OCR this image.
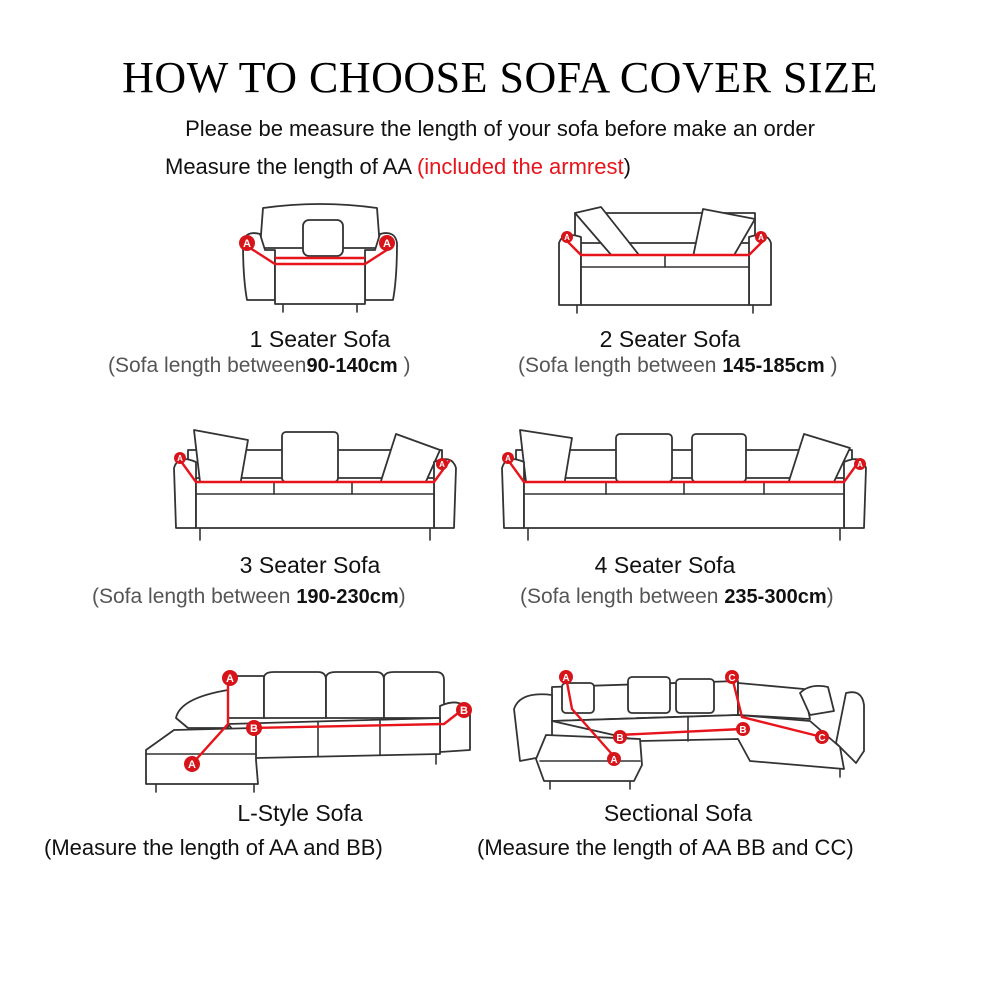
HOW TO CHOOSE SOFA COVER SIZE
Please be measure the length of your sofa before make an order
Measure the length of AA (included the armrest)
A	A
1 Seater Sofa
(Sofa length between90-140cm )
A	A
2 Seater Sofa
(Sofa length between 145-185cm )
A
A
3 Seater Sofa
(Sofa length between 190-230cm)
A
A
4 Seater Sofa
(Sofa length between 235-300cm)
A
A
B
B
L-Style Sofa
(Measure the length of AA and BB)
A
A
B
B
C
C
Sectional Sofa
(Measure the length of AA BB and CC)
